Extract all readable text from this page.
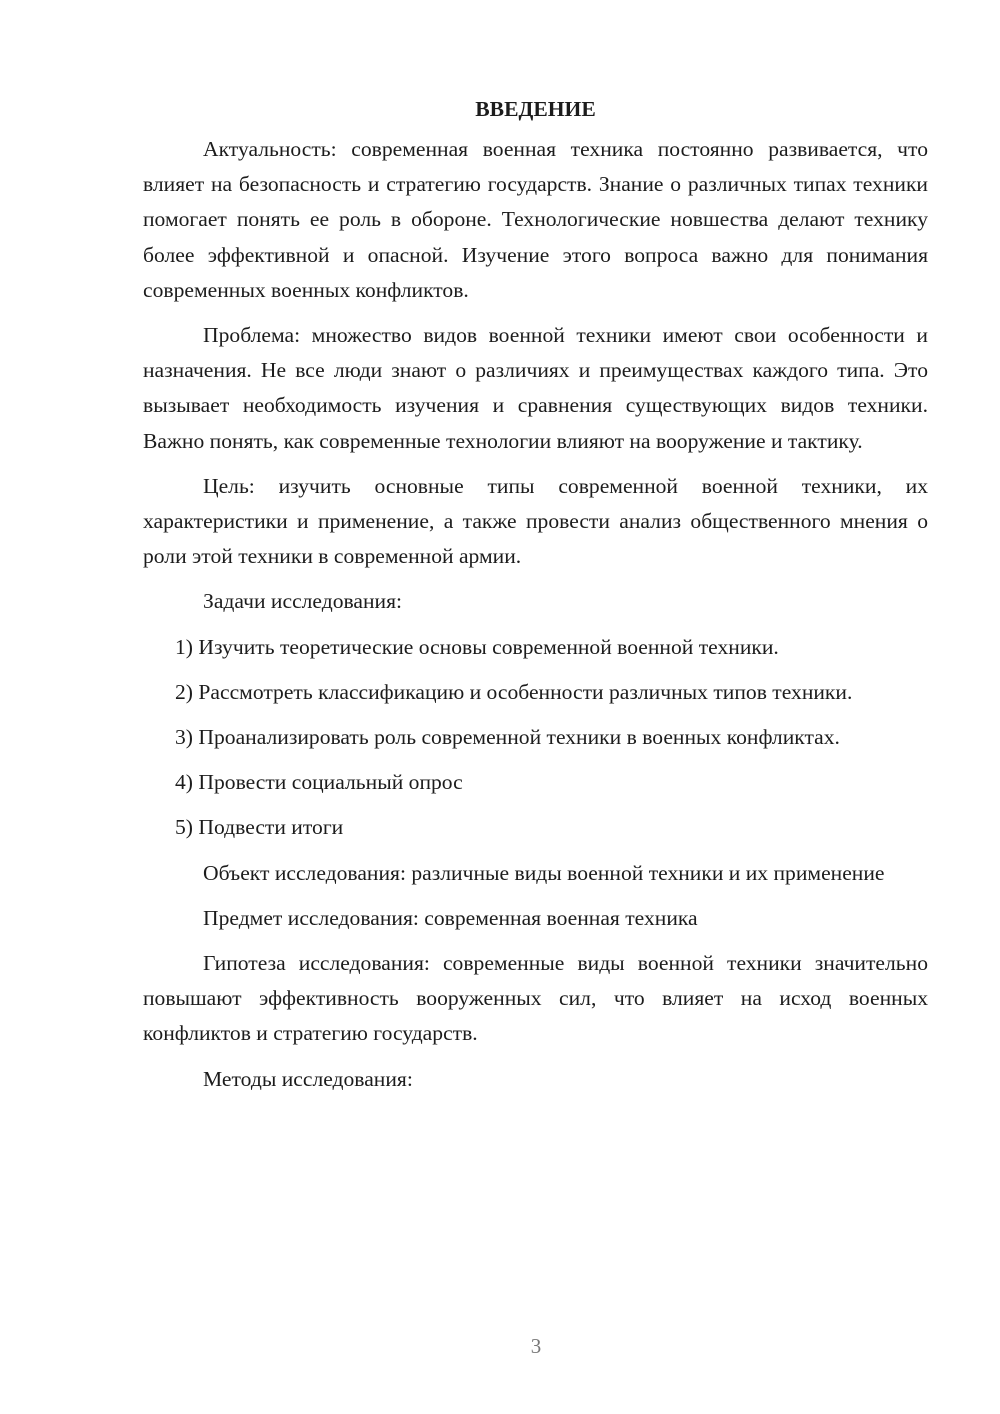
ВВЕДЕНИЕ

Актуальность: современная военная техника постоянно развивается, что влияет на безопасность и стратегию государств. Знание о различных типах техники помогает понять ее роль в обороне. Технологические новшества делают технику более эффективной и опасной. Изучение этого вопроса важно для понимания современных военных конфликтов.

Проблема: множество видов военной техники имеют свои особенности и назначения. Не все люди знают о различиях и преимуществах каждого типа. Это вызывает необходимость изучения и сравнения существующих видов техники. Важно понять, как современные технологии влияют на вооружение и тактику.

Цель: изучить основные типы современной военной техники, их характеристики и применение, а также провести анализ общественного мнения о роли этой техники в современной армии.

Задачи исследования:

1) Изучить теоретические основы современной военной техники.

2) Рассмотреть классификацию и особенности различных типов техники.

3) Проанализировать роль современной техники в военных конфликтах.

4) Провести социальный опрос

5) Подвести итоги

Объект исследования: различные виды военной техники и их применение

Предмет исследования: современная военная техника

Гипотеза исследования: современные виды военной техники значительно повышают эффективность вооруженных сил, что влияет на исход военных конфликтов и стратегию государств.

Методы исследования:

3
